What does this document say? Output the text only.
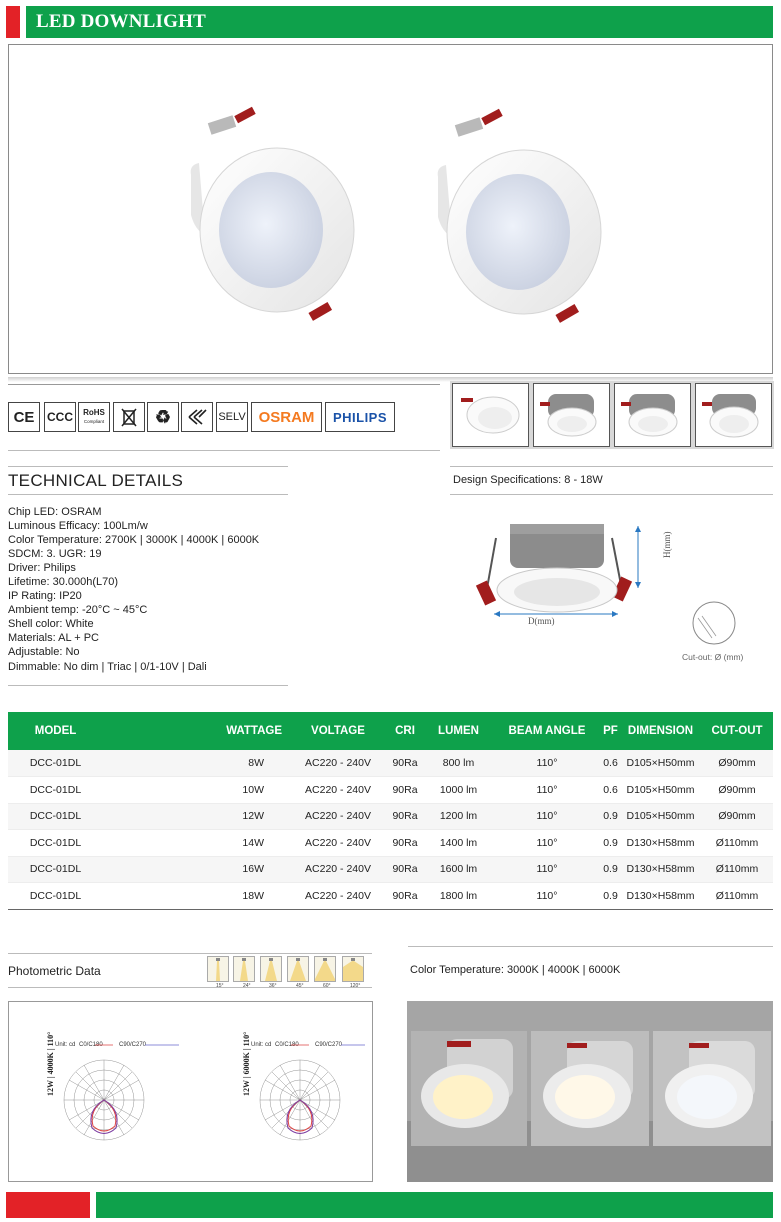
LED DOWNLIGHT
CE CCC RoHS
Compliant	♻	SELV OSRAM PHILIPS
TECHNICAL DETAILS
Chip LED: OSRAM
Luminous Efficacy: 100Lm/w
Color Temperature: 2700K | 3000K | 4000K | 6000K
SDCM: 3. UGR: 19
Driver: Philips
Lifetime: 30.000h(L70)
IP Rating: IP20
Ambient temp: -20°C ~ 45°C
Shell color: White
Materials: AL + PC
Adjustable: No
Dimmable: No dim | Triac | 0/1-10V | Dali
Design Specifications: 8 - 18W
H(mm)
D(mm)
Cut-out: Ø (mm)
MODEL	WATTAGE	VOLTAGE	CRI	LUMEN	BEAM ANGLE	PF	DIMENSION	CUT-OUT
DCC-01DL	8W	AC220 - 240V	90Ra	800 lm	110°	0.6	D105×H50mm	Ø90mm
DCC-01DL	10W	AC220 - 240V	90Ra	1000 lm	110°	0.6	D105×H50mm	Ø90mm
DCC-01DL	12W	AC220 - 240V	90Ra	1200 lm	110°	0.9	D105×H50mm	Ø90mm
DCC-01DL	14W	AC220 - 240V	90Ra	1400 lm	110°	0.9	D130×H58mm	Ø110mm
DCC-01DL	16W	AC220 - 240V	90Ra	1600 lm	110°	0.9	D130×H58mm	Ø110mm
DCC-01DL	18W	AC220 - 240V	90Ra	1800 lm	110°	0.9	D130×H58mm	Ø110mm
Photometric Data
15°	24°	36°	45°	60°	120°
12W | 4000K | 110° Unit: cd C0/C180	C90/C270	12W | 6000K | 110° Unit: cd C0/C180	C90/C270
Color Temperature: 3000K | 4000K | 6000K
